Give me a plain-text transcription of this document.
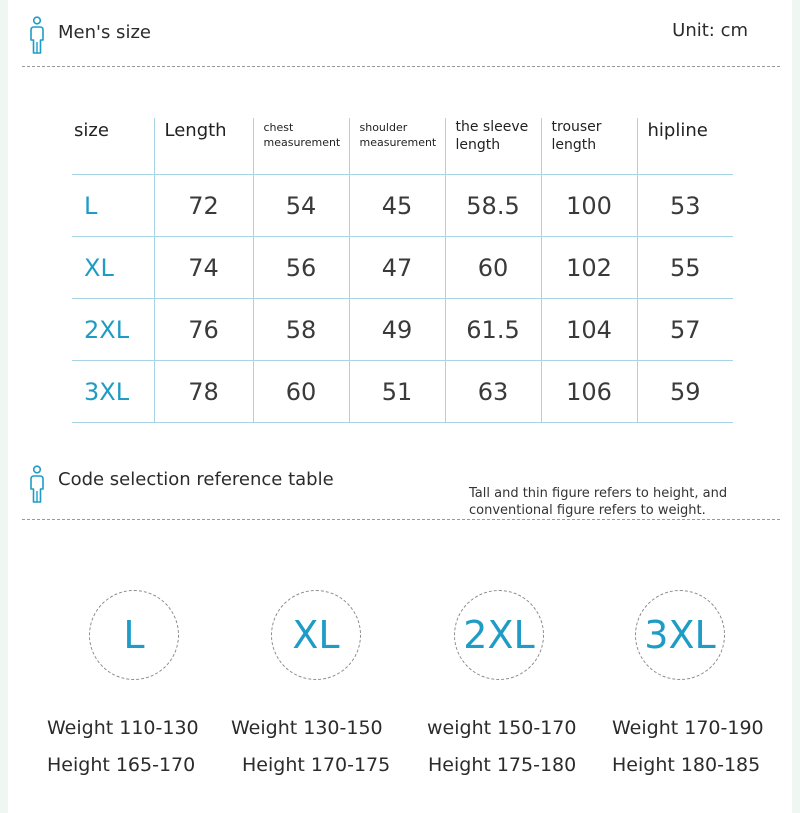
Men's size	Unit: cm
size	Length	chest measurement	shoulder measurement	the sleeve length	trouser length	hipline
L	72	54	45	58.5	100	53
XL	74	56	47	60	102	55
2XL	76	58	49	61.5	104	57
3XL	78	60	51	63	106	59
Code selection reference table
Tall and thin figure refers to height, and conventional figure refers to weight.
L
Weight 110-130
Height 165-170
XL
Weight 130-150
Height 170-175
2XL
weight 150-170
Height 175-180
3XL
Weight 170-190
Height 180-185
